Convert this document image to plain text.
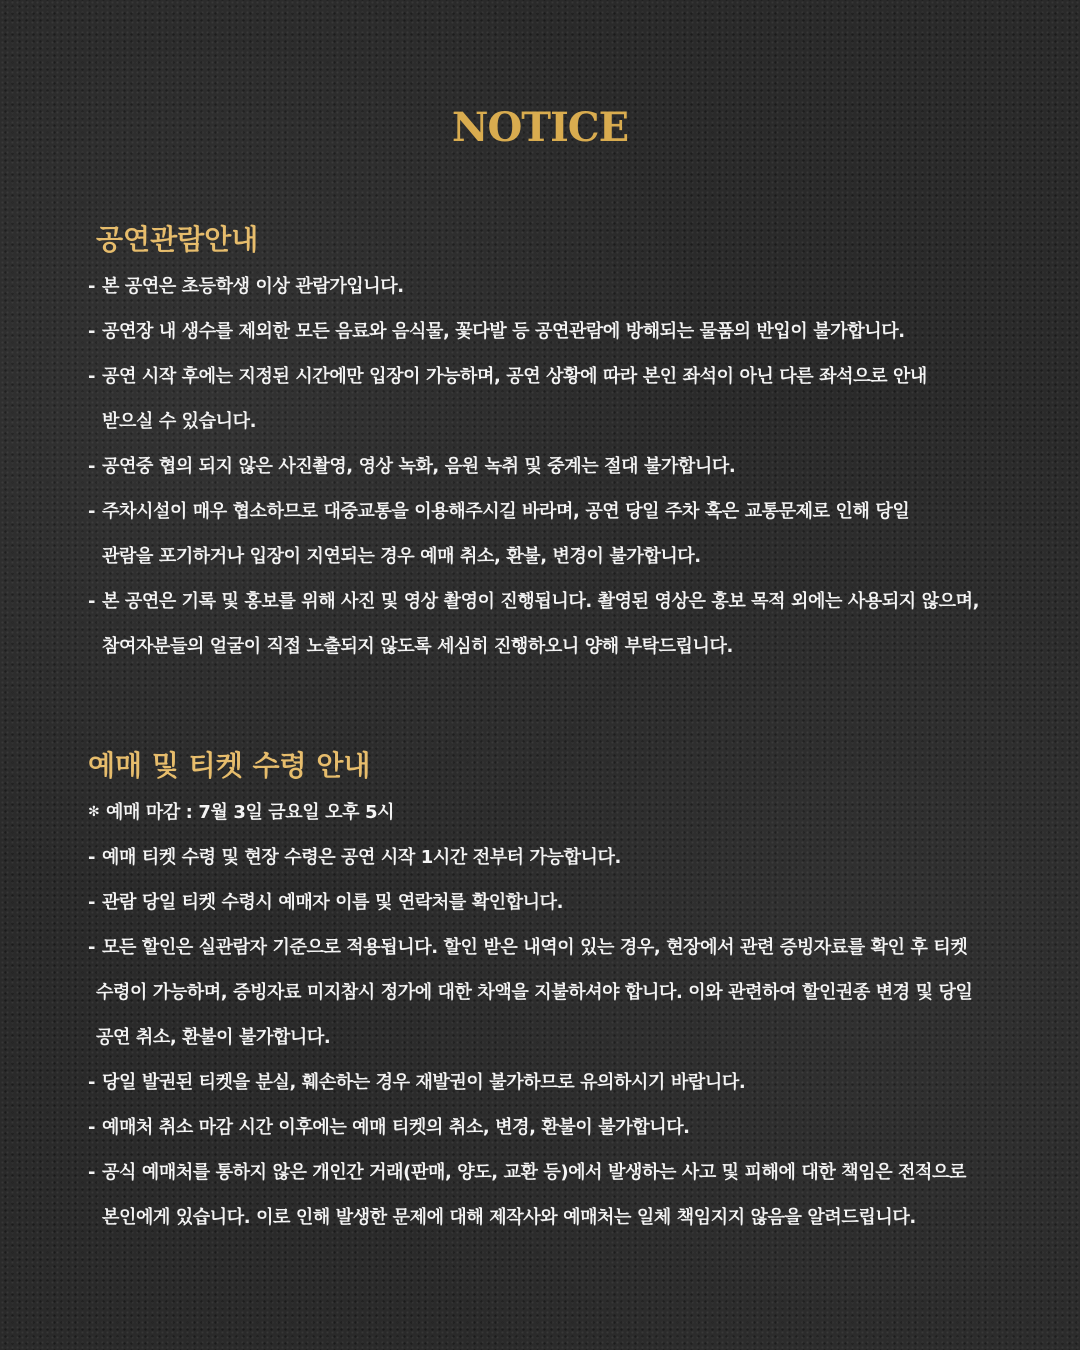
NOTICE
공연관람안내
- 본 공연은 초등학생 이상 관람가입니다.
- 공연장 내 생수를 제외한 모든 음료와 음식물, 꽃다발 등 공연관람에 방해되는 물품의 반입이 불가합니다.
- 공연 시작 후에는 지정된 시간에만 입장이 가능하며, 공연 상황에 따라 본인 좌석이 아닌 다른 좌석으로 안내
받으실 수 있습니다.
- 공연중 협의 되지 않은 사진촬영, 영상 녹화, 음원 녹취 및 중계는 절대 불가합니다.
- 주차시설이 매우 협소하므로 대중교통을 이용해주시길 바라며, 공연 당일 주차 혹은 교통문제로 인해 당일
관람을 포기하거나 입장이 지연되는 경우 예매 취소, 환불, 변경이 불가합니다.
- 본 공연은 기록 및 홍보를 위해 사진 및 영상 촬영이 진행됩니다. 촬영된 영상은 홍보 목적 외에는 사용되지 않으며,
참여자분들의 얼굴이 직접 노출되지 않도록 세심히 진행하오니 양해 부탁드립니다.
예매 및 티켓 수령 안내
✻ 예매 마감 : 7월 3일 금요일 오후 5시
- 예매 티켓 수령 및 현장 수령은 공연 시작 1시간 전부터 가능합니다.
- 관람 당일 티켓 수령시 예매자 이름 및 연락처를 확인합니다.
- 모든 할인은 실관람자 기준으로 적용됩니다. 할인 받은 내역이 있는 경우, 현장에서 관련 증빙자료를 확인 후 티켓
수령이 가능하며, 증빙자료 미지참시 정가에 대한 차액을 지불하셔야 합니다. 이와 관련하여 할인권종 변경 및 당일
공연 취소, 환불이 불가합니다.
- 당일 발권된 티켓을 분실, 훼손하는 경우 재발권이 불가하므로 유의하시기 바랍니다.
- 예매처 취소 마감 시간 이후에는 예매 티켓의 취소, 변경, 환불이 불가합니다.
- 공식 예매처를 통하지 않은 개인간 거래(판매, 양도, 교환 등)에서 발생하는 사고 및 피해에 대한 책임은 전적으로
본인에게 있습니다. 이로 인해 발생한 문제에 대해 제작사와 예매처는 일체 책임지지 않음을 알려드립니다.
